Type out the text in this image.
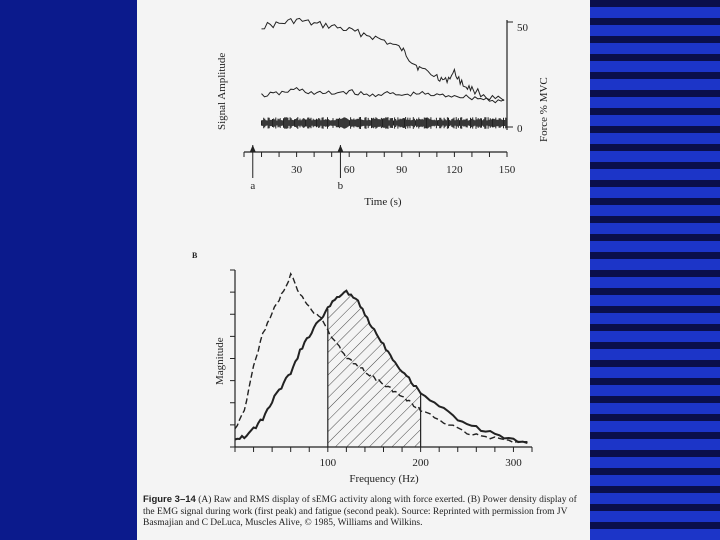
50
0 Force % MVC
Signal Amplitude
30	60	90	120	150
a	b
Time (s)
B
100	200	300
Magnitude
Frequency (Hz)
Figure 3–14 (A) Raw and RMS display of sEMG activity along with force exerted. (B) Power density display of the EMG signal during work (first peak) and fatigue (second peak). Source: Reprinted with permission from JV Basmajian and C DeLuca, Muscles Alive, © 1985, Williams and Wilkins.
